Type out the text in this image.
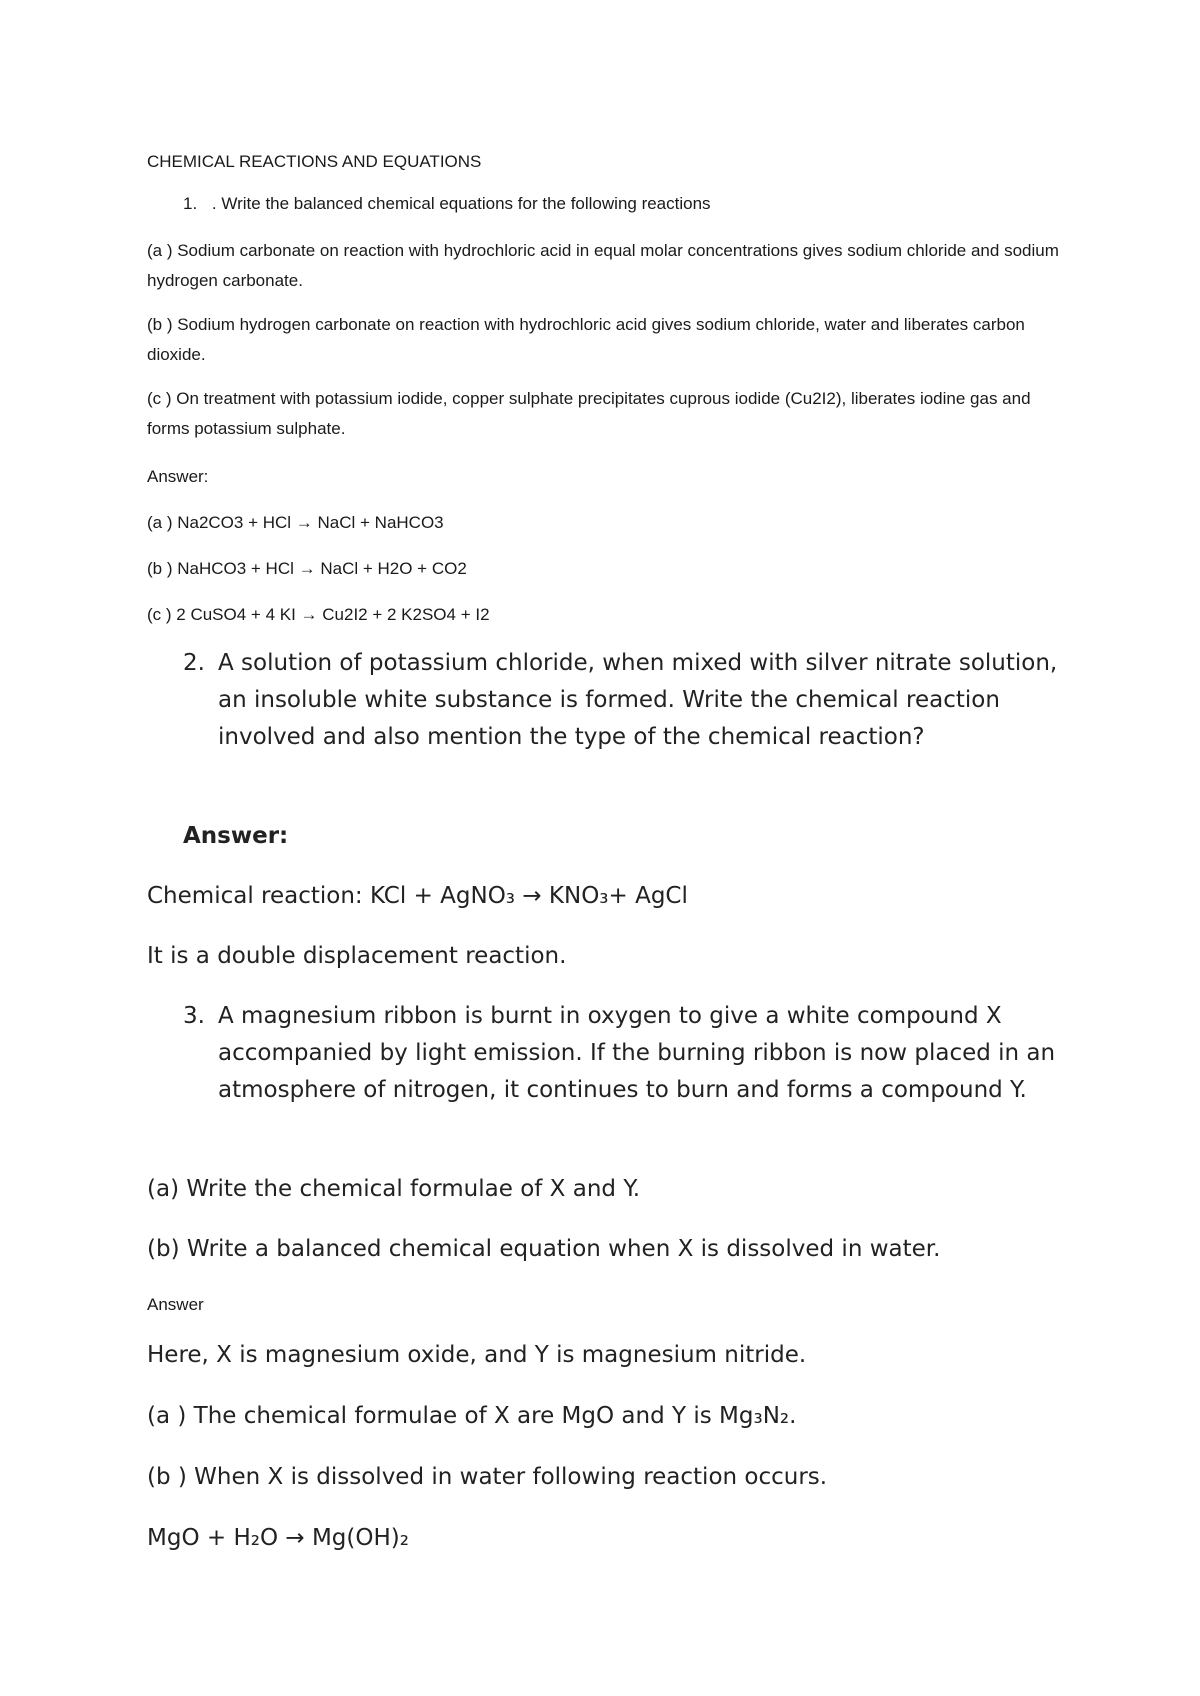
CHEMICAL REACTIONS AND EQUATIONS
1. . Write the balanced chemical equations for the following reactions
(a ) Sodium carbonate on reaction with hydrochloric acid in equal molar concentrations gives sodium chloride and sodium hydrogen carbonate.
(b ) Sodium hydrogen carbonate on reaction with hydrochloric acid gives sodium chloride, water and liberates carbon dioxide.
(c ) On treatment with potassium iodide, copper sulphate precipitates cuprous iodide (Cu2I2), liberates iodine gas and forms potassium sulphate.
Answer:
(a ) Na2CO3 + HCl → NaCl + NaHCO3
(b ) NaHCO3 + HCl → NaCl + H2O + CO2
(c ) 2 CuSO4 + 4 KI → Cu2I2 + 2 K2SO4 + I2
2. A solution of potassium chloride, when mixed with silver nitrate solution, an insoluble white substance is formed. Write the chemical reaction involved and also mention the type of the chemical reaction?
Answer:
Chemical reaction: KCl + AgNO₃ → KNO₃+ AgCl
It is a double displacement reaction.
3. A magnesium ribbon is burnt in oxygen to give a white compound X accompanied by light emission. If the burning ribbon is now placed in an atmosphere of nitrogen, it continues to burn and forms a compound Y.
(a) Write the chemical formulae of X and Y.
(b) Write a balanced chemical equation when X is dissolved in water.
Answer
Here, X is magnesium oxide, and Y is magnesium nitride.
(a ) The chemical formulae of X are MgO and Y is Mg₃N₂.
(b ) When X is dissolved in water following reaction occurs.
MgO + H₂O → Mg(OH)₂
